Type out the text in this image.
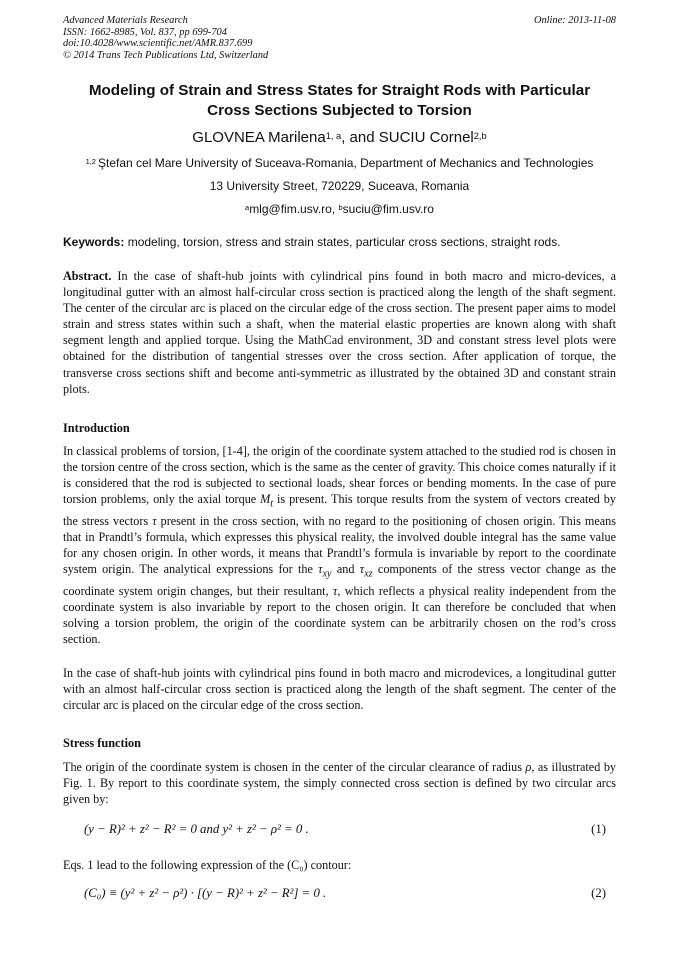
Advanced Materials Research
ISSN: 1662-8985, Vol. 837, pp 699-704
doi:10.4028/www.scientific.net/AMR.837.699
© 2014 Trans Tech Publications Ltd, Switzerland
Online: 2013-11-08
Modeling of Strain and Stress States for Straight Rods with Particular
Cross Sections Subjected to Torsion
GLOVNEA Marilena$^{1, a}$, and SUCIU Cornel$^{2,b}$
$^{1,2}$ Ştefan cel Mare University of Suceava-Romania, Department of Mechanics and Technologies
13 University Street, 720229, Suceava, Romania
$^a$mlg@fim.usv.ro, $^b$suciu@fim.usv.ro
Keywords: modeling, torsion, stress and strain states, particular cross sections, straight rods.
Abstract. In the case of shaft-hub joints with cylindrical pins found in both macro and micro-devices, a longitudinal gutter with an almost half-circular cross section is practiced along the length of the shaft segment. The center of the circular arc is placed on the circular edge of the cross section. The present paper aims to model strain and stress states within such a shaft, when the material elastic properties are known along with shaft segment length and applied torque. Using the MathCad environment, 3D and constant stress level plots were obtained for the distribution of tangential stresses over the cross section. After application of torque, the transverse cross sections shift and become anti-symmetric as illustrated by the obtained 3D and constant strain plots.
Introduction
In classical problems of torsion, [1-4], the origin of the coordinate system attached to the studied rod is chosen in the torsion centre of the cross section, which is the same as the center of gravity. This choice comes naturally if it is considered that the rod is subjected to sectional loads, shear forces or bending moments. In the case of pure torsion problems, only the axial torque $M_t$ is present. This torque results from the system of vectors created by the stress vectors τ present in the cross section, with no regard to the positioning of chosen origin. This means that in Prandtl’s formula, which expresses this physical reality, the involved double integral has the same value for any chosen origin. In other words, it means that Prandtl’s formula is invariable by report to the coordinate system origin. The analytical expressions for the $\tau_{xy}$ and $\tau_{xz}$ components of the stress vector change as the coordinate system origin changes, but their resultant, τ, which reflects a physical reality independent from the coordinate system is also invariable by report to the chosen origin. It can therefore be concluded that when solving a torsion problem, the origin of the coordinate system can be arbitrarily chosen on the rod’s cross section.
In the case of shaft-hub joints with cylindrical pins found in both macro and microdevices, a longitudinal gutter with an almost half-circular cross section is practiced along the length of the shaft segment. The center of the circular arc is placed on the circular edge of the cross section.
Stress function
The origin of the coordinate system is chosen in the center of the circular clearance of radius ρ, as illustrated by Fig. 1. By report to this coordinate system, the simply connected cross section is defined by two circular arcs given by:
(y − R)² + z² − R² = 0 and y² + z² − ρ² = 0 .	(1)
Eqs. 1 lead to the following expression of the (C₀) contour:
(C₀) ≡ (y² + z² − ρ²) · [(y − R)² + z² − R²] = 0 .	(2)
